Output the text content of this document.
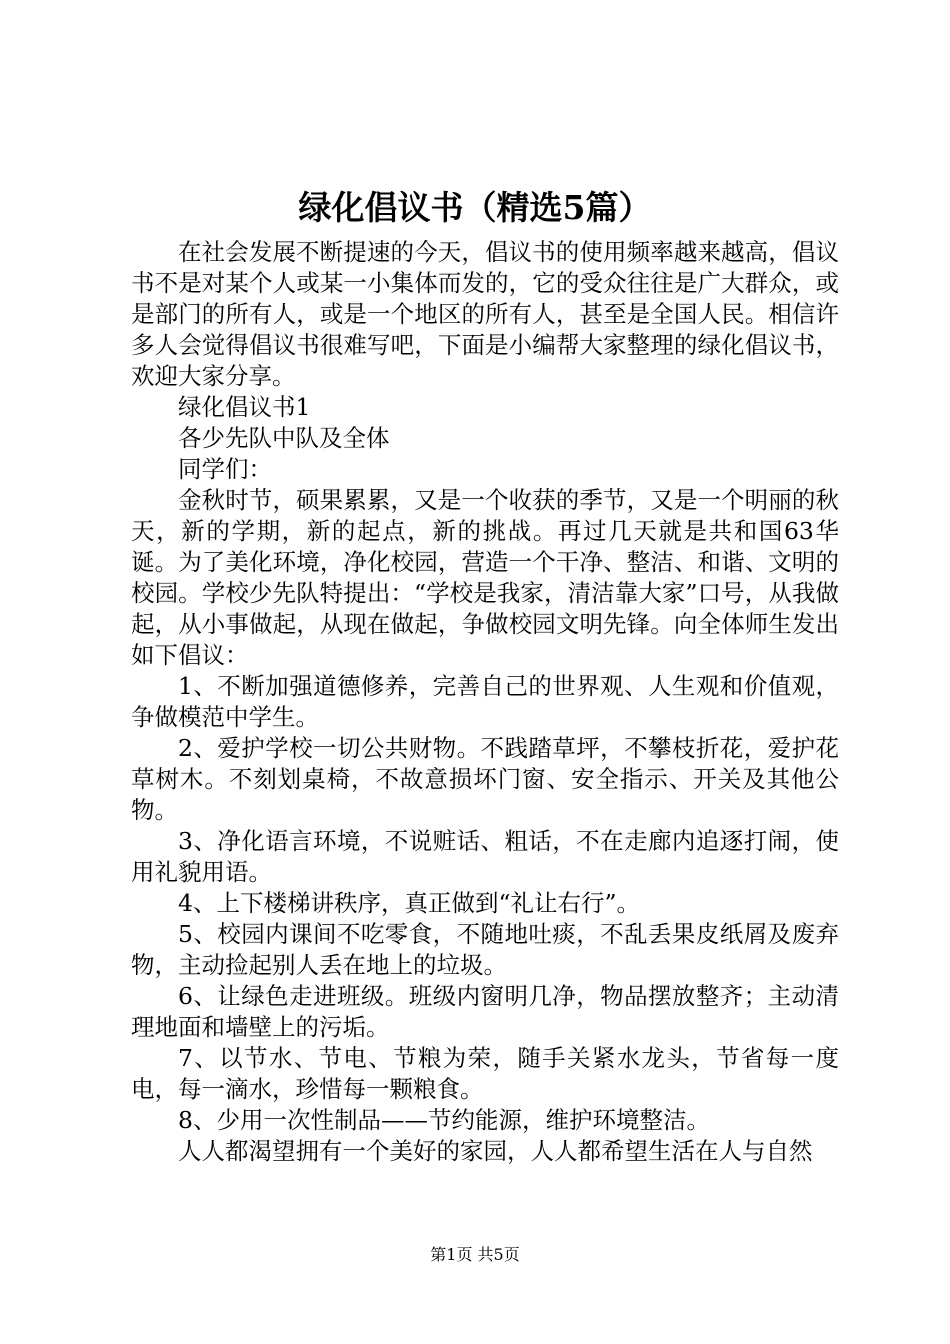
绿化倡议书（精选5篇）

在社会发展不断提速的今天，倡议书的使用频率越来越高，倡议书不是对某个人或某一小集体而发的，它的受众往往是广大群众，或是部门的所有人，或是一个地区的所有人，甚至是全国人民。相信许多人会觉得倡议书很难写吧，下面是小编帮大家整理的绿化倡议书，欢迎大家分享。

绿化倡议书1

各少先队中队及全体

同学们：

金秋时节，硕果累累，又是一个收获的季节，又是一个明丽的秋天，新的学期，新的起点，新的挑战。再过几天就是共和国63华诞。为了美化环境，净化校园，营造一个干净、整洁、和谐、文明的校园。学校少先队特提出：“学校是我家，清洁靠大家”口号，从我做起，从小事做起，从现在做起，争做校园文明先锋。向全体师生发出如下倡议：

1、不断加强道德修养，完善自己的世界观、人生观和价值观，争做模范中学生。

2、爱护学校一切公共财物。不践踏草坪，不攀枝折花，爱护花草树木。不刻划桌椅，不故意损坏门窗、安全指示、开关及其他公物。

3、净化语言环境，不说赃话、粗话，不在走廊内追逐打闹，使用礼貌用语。

4、上下楼梯讲秩序，真正做到“礼让右行”。

5、校园内课间不吃零食，不随地吐痰，不乱丢果皮纸屑及废弃物，主动捡起别人丢在地上的垃圾。

6、让绿色走进班级。班级内窗明几净，物品摆放整齐；主动清理地面和墙壁上的污垢。

7、以节水、节电、节粮为荣，随手关紧水龙头，节省每一度电，每一滴水，珍惜每一颗粮食。

8、少用一次性制品——节约能源，维护环境整洁。

人人都渴望拥有一个美好的家园，人人都希望生活在人与自然

第1页 共5页
